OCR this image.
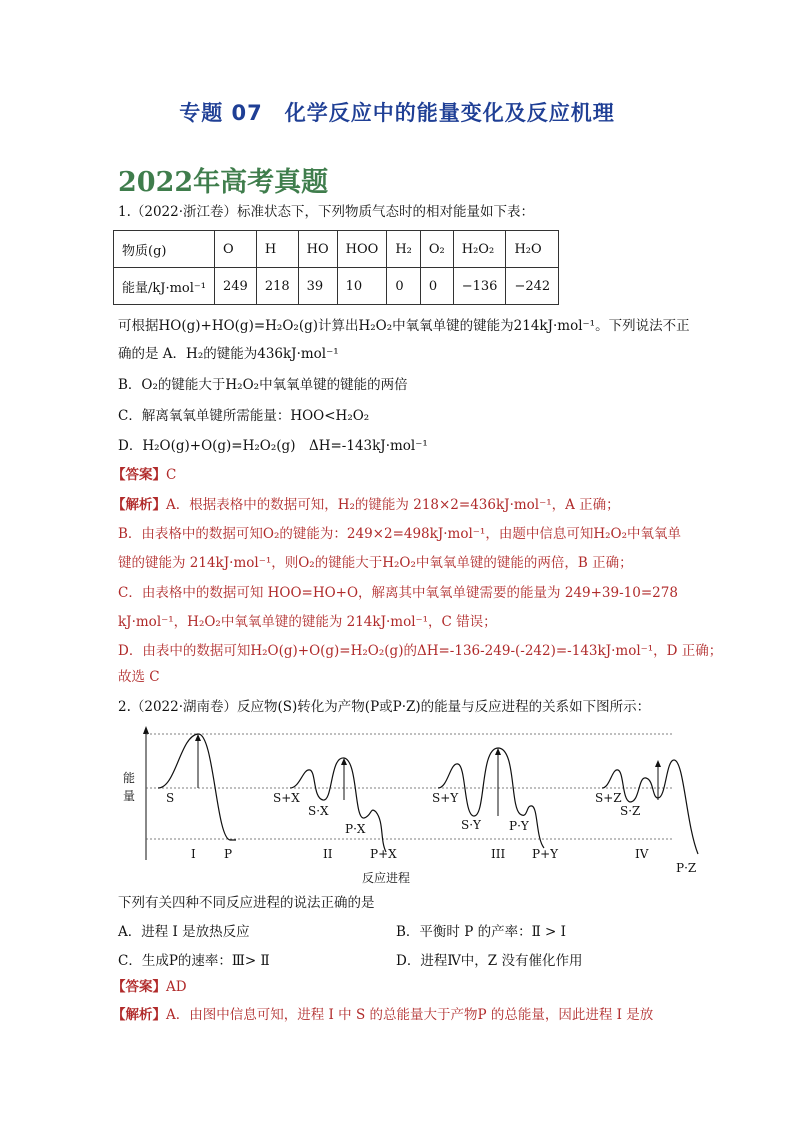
专题 07　化学反应中的能量变化及反应机理
2022年高考真题
1.（2022·浙江卷）标准状态下，下列物质气态时的相对能量如下表：
物质(g)	O	H	HO	HOO	H₂	O₂	H₂O₂	H₂O
能量/kJ·mol⁻¹	249	218	39	10	0	0	−136	−242
可根据HO(g)+HO(g)=H₂O₂(g)计算出H₂O₂中氧氧单键的键能为214kJ·mol⁻¹。下列说法不正
确的是 A．H₂的键能为436kJ·mol⁻¹
B．O₂的键能大于H₂O₂中氧氧单键的键能的两倍
C．解离氧氧单键所需能量：HOO<H₂O₂
D．H₂O(g)+O(g)=H₂O₂(g)　ΔH=-143kJ·mol⁻¹
【答案】C
【解析】A．根据表格中的数据可知，H₂的键能为 218×2=436kJ·mol⁻¹，A 正确；
B．由表格中的数据可知O₂的键能为：249×2=498kJ·mol⁻¹，由题中信息可知H₂O₂中氧氧单
键的键能为 214kJ·mol⁻¹，则O₂的键能大于H₂O₂中氧氧单键的键能的两倍，B 正确；
C．由表格中的数据可知 HOO=HO+O，解离其中氧氧单键需要的能量为 249+39-10=278
kJ·mol⁻¹，H₂O₂中氧氧单键的键能为 214kJ·mol⁻¹，C 错误；
D．由表中的数据可知H₂O(g)+O(g)=H₂O₂(g)的ΔH=-136-249-(-242)=-143kJ·mol⁻¹，D 正确；
故选 C
2.（2022·湖南卷）反应物(S)转化为产物(P或P·Z)的能量与反应进程的关系如下图所示：
能
量	S
I P
S+X
S·X
P·X
II	P+X
S+Y
S·Y P·Y
III P+Y
S+Z
S·Z
IV
P·Z
反应进程
下列有关四种不同反应进程的说法正确的是
A．进程 I 是放热反应	B．平衡时 P 的产率：Ⅱ > I
C．生成P的速率：Ⅲ> Ⅱ	D．进程Ⅳ中，Z 没有催化作用
【答案】AD
【解析】A．由图中信息可知，进程 I 中 S 的总能量大于产物P 的总能量，因此进程 I 是放
